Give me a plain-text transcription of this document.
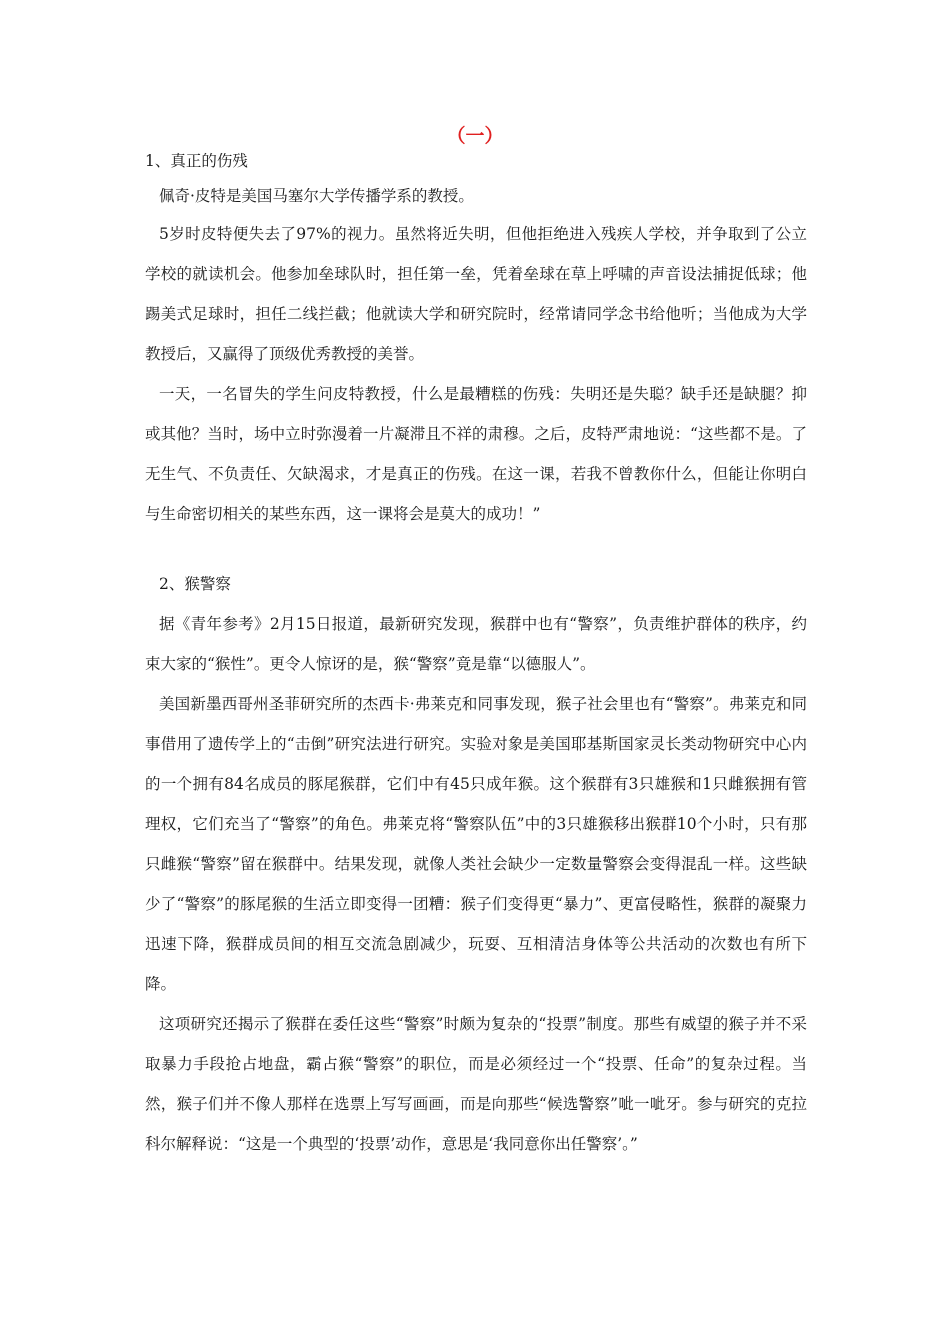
（一）

1、真正的伤残

佩奇·皮特是美国马塞尔大学传播学系的教授。

5岁时皮特便失去了97%的视力。虽然将近失明，但他拒绝进入残疾人学校，并争取到了公立学校的就读机会。他参加垒球队时，担任第一垒，凭着垒球在草上呼啸的声音设法捕捉低球；他踢美式足球时，担任二线拦截；他就读大学和研究院时，经常请同学念书给他听；当他成为大学教授后，又赢得了顶级优秀教授的美誉。

一天，一名冒失的学生问皮特教授，什么是最糟糕的伤残：失明还是失聪？缺手还是缺腿？抑或其他？当时，场中立时弥漫着一片凝滞且不祥的肃穆。之后，皮特严肃地说：“这些都不是。了无生气、不负责任、欠缺渴求，才是真正的伤残。在这一课，若我不曾教你什么，但能让你明白与生命密切相关的某些东西，这一课将会是莫大的成功！”

2、猴警察

据《青年参考》2月15日报道，最新研究发现，猴群中也有“警察”，负责维护群体的秩序，约束大家的“猴性”。更令人惊讶的是，猴“警察”竟是靠“以德服人”。

美国新墨西哥州圣菲研究所的杰西卡·弗莱克和同事发现，猴子社会里也有“警察”。弗莱克和同事借用了遗传学上的“击倒”研究法进行研究。实验对象是美国耶基斯国家灵长类动物研究中心内的一个拥有84名成员的豚尾猴群，它们中有45只成年猴。这个猴群有3只雄猴和1只雌猴拥有管理权，它们充当了“警察”的角色。弗莱克将“警察队伍”中的3只雄猴移出猴群10个小时，只有那只雌猴“警察”留在猴群中。结果发现，就像人类社会缺少一定数量警察会变得混乱一样。这些缺少了“警察”的豚尾猴的生活立即变得一团糟：猴子们变得更“暴力”、更富侵略性，猴群的凝聚力迅速下降，猴群成员间的相互交流急剧减少，玩耍、互相清洁身体等公共活动的次数也有所下降。

这项研究还揭示了猴群在委任这些“警察”时颇为复杂的“投票”制度。那些有威望的猴子并不采取暴力手段抢占地盘，霸占猴“警察”的职位，而是必须经过一个“投票、任命”的复杂过程。当然，猴子们并不像人那样在选票上写写画画，而是向那些“候选警察”呲一呲牙。参与研究的克拉科尔解释说：“这是一个典型的‘投票’动作，意思是‘我同意你出任警察’。”
